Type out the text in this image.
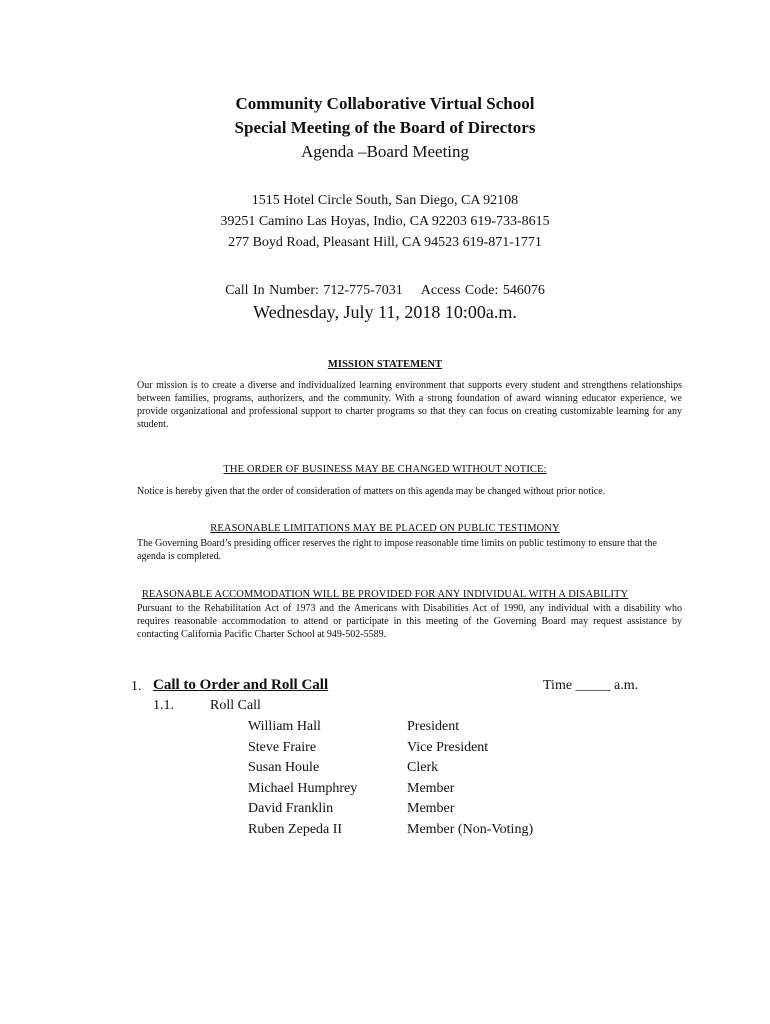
Community Collaborative Virtual School
Special Meeting of the Board of Directors
Agenda –Board Meeting
1515 Hotel Circle South, San Diego, CA 92108
39251 Camino Las Hoyas, Indio, CA 92203 619-733-8615
277 Boyd Road, Pleasant Hill, CA 94523 619-871-1771
Call In Number: 712-775-7031 Access Code: 546076
Wednesday, July 11, 2018 10:00a.m.
MISSION STATEMENT
Our mission is to create a diverse and individualized learning environment that supports every student and strengthens relationships between families, programs, authorizers, and the community. With a strong foundation of award winning educator experience, we provide organizational and professional support to charter programs so that they can focus on creating customizable learning for any student.
THE ORDER OF BUSINESS MAY BE CHANGED WITHOUT NOTICE:
Notice is hereby given that the order of consideration of matters on this agenda may be changed without prior notice.
REASONABLE LIMITATIONS MAY BE PLACED ON PUBLIC TESTIMONY
The Governing Board’s presiding officer reserves the right to impose reasonable time limits on public testimony to ensure that the agenda is completed.
REASONABLE ACCOMMODATION WILL BE PROVIDED FOR ANY INDIVIDUAL WITH A DISABILITY
Pursuant to the Rehabilitation Act of 1973 and the Americans with Disabilities Act of 1990, any individual with a disability who requires reasonable accommodation to attend or participate in this meeting of the Governing Board may request assistance by contacting California Pacific Charter School at 949-502-5589.
1. Call to Order and Roll Call	Time _____ a.m.
1.1.	Roll Call
William Hall	President
Steve Fraire	Vice President
Susan Houle	Clerk
Michael Humphrey	Member
David Franklin	Member
Ruben Zepeda II	Member (Non-Voting)
